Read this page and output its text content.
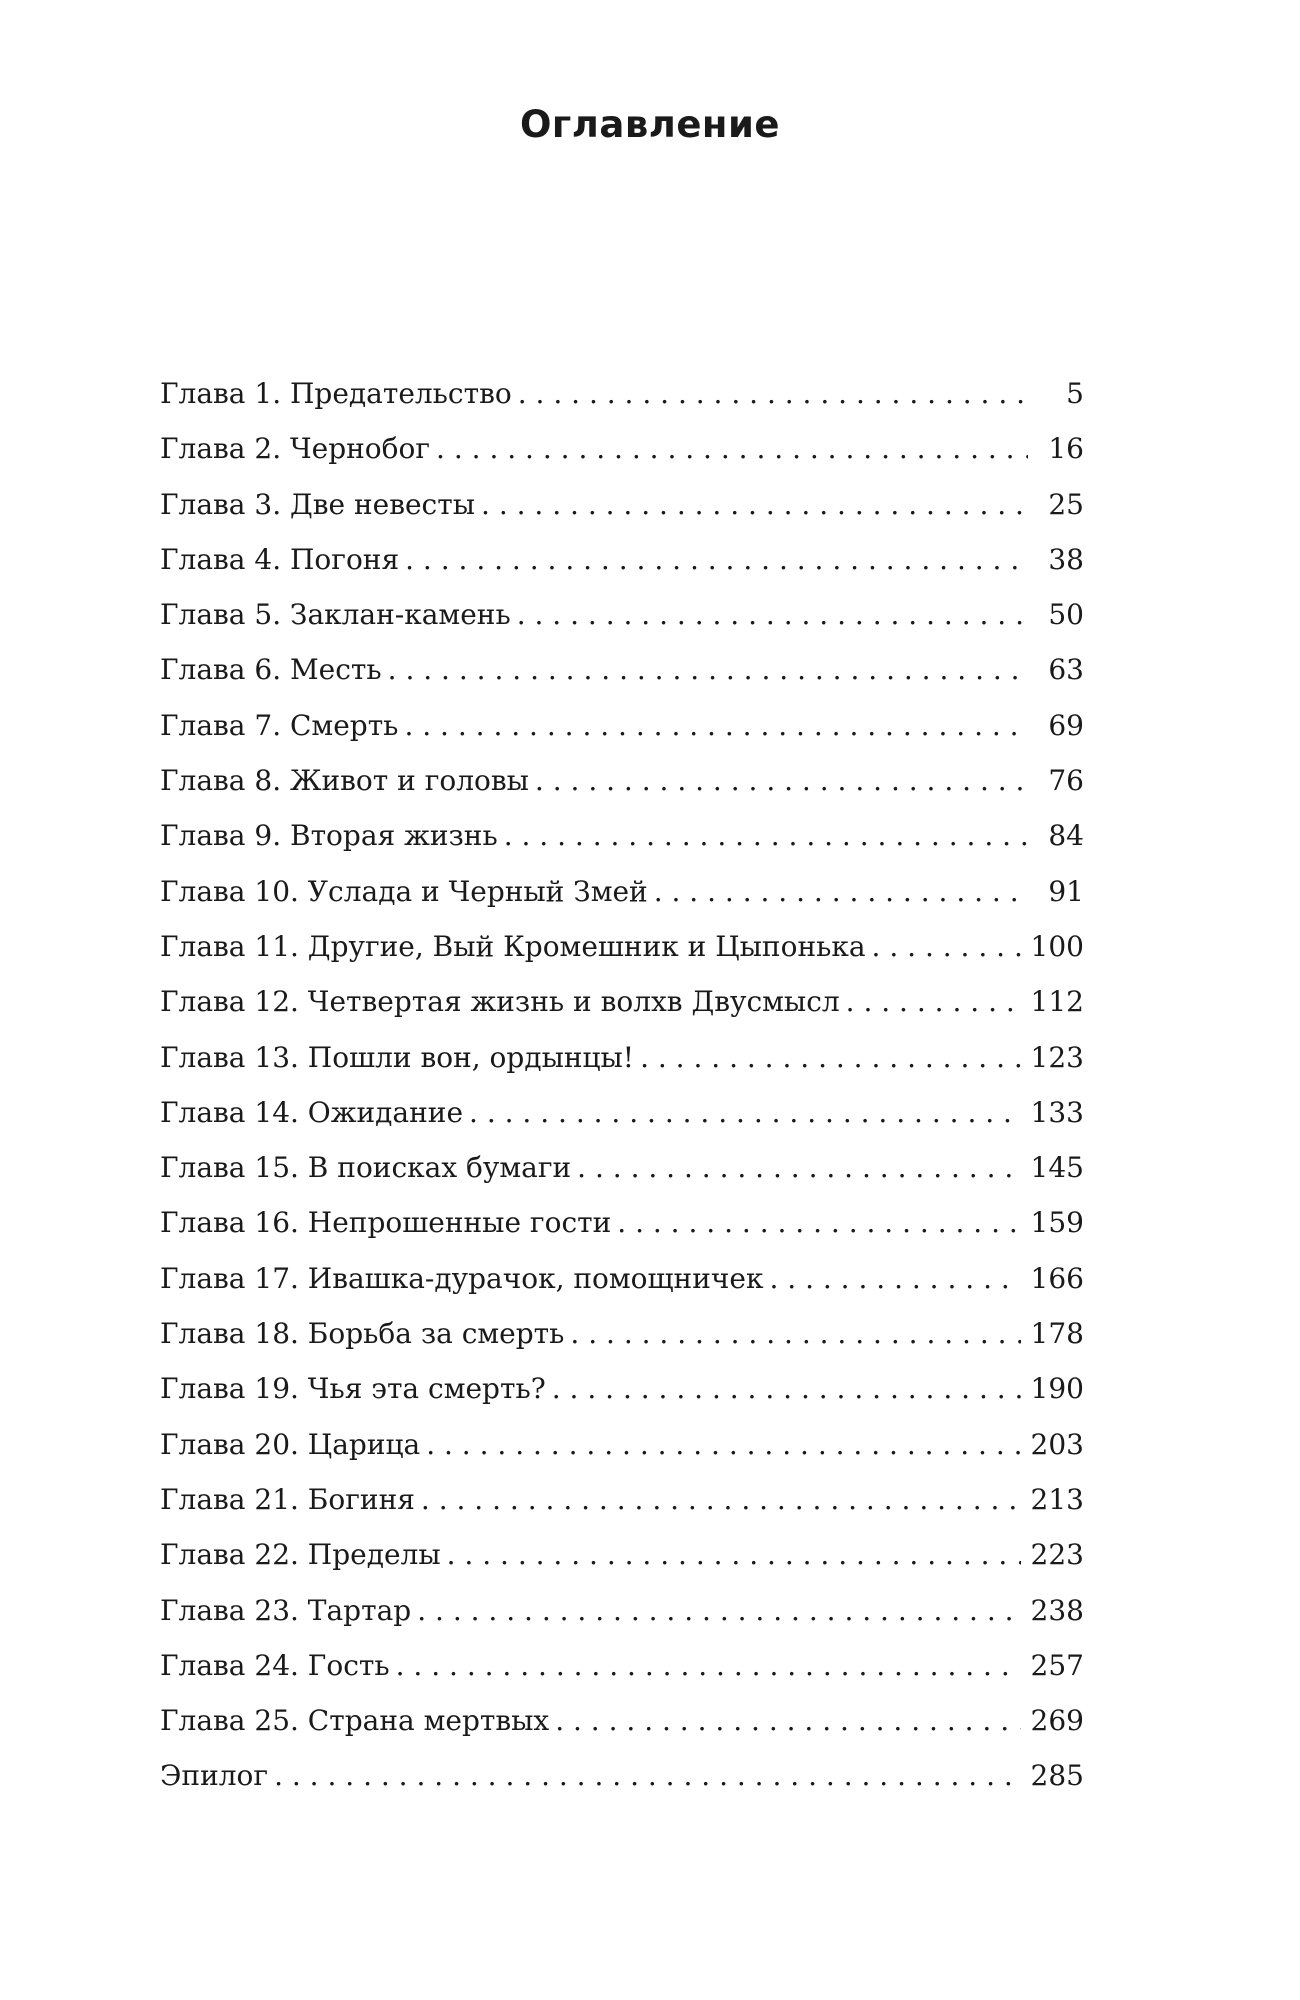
Оглавление
Глава 1. Предательство . . .	5
Глава 2. Чернобог . . .	16
Глава 3. Две невесты . . .	25
Глава 4. Погоня . . .	38
Глава 5. Заклан-камень . . .	50
Глава 6. Месть . . .	63
Глава 7. Смерть . . .	69
Глава 8. Живот и головы . . .	76
Глава 9. Вторая жизнь . . .	84
Глава 10. Услада и Черный Змей . . .	91
Глава 11. Другие, Вый Кромешник и Цыпонька . . .	100
Глава 12. Четвертая жизнь и волхв Двусмысл . . .	112
Глава 13. Пошли вон, ордынцы! . . .	123
Глава 14. Ожидание . . .	133
Глава 15. В поисках бумаги . . .	145
Глава 16. Непрошенные гости . . .	159
Глава 17. Ивашка-дурачок, помощничек . . .	166
Глава 18. Борьба за смерть . . .	178
Глава 19. Чья эта смерть? . . .	190
Глава 20. Царица . . .	203
Глава 21. Богиня . . .	213
Глава 22. Пределы . . .	223
Глава 23. Тартар . . .	238
Глава 24. Гость . . .	257
Глава 25. Страна мертвых . . .	269
Эпилог . . .	285
